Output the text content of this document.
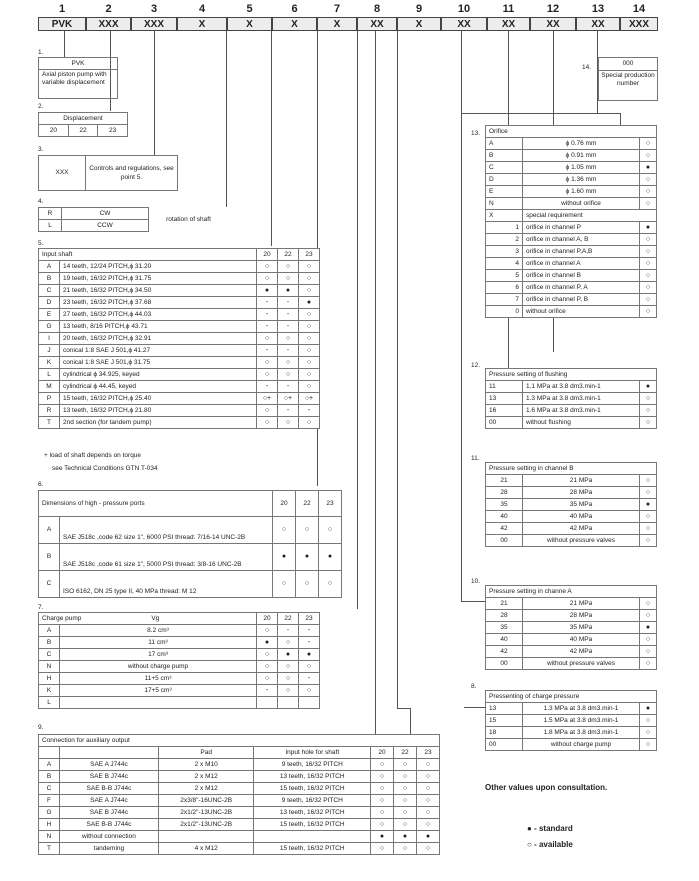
1
PVK
2
XXX
3
XXX
4
X
5
X
6
X
7
X
8
XX
9
X
10
XX
11
XX
12
XX
13
XX
14
XXX
1.
PVK
Axial piston pump with variable displacement
2.
Displacement
20	22	23
3.
XXX	Controls and regulations, see point 5.
4.
R	CW	rotation of shaft
L	CCW	
5.
Input shaft		20	22	23
A	14 teeth, 12/24 PITCH,ϕ 31.20	○	○	○
B	19 teeth, 16/32 PITCH,ϕ 31.75	○	○	○
C	21 teeth, 16/32 PITCH,ϕ 34.50	●	●	○
D	23 teeth, 16/32 PITCH,ϕ 37.68	-	-	●
E	27 teeth, 16/32 PITCH,ϕ 44.03	-	-	○
G	13 teeth, 8/16 PITCH,ϕ 43.71	-	-	○
I	20 teeth, 16/32 PITCH,ϕ 32.91	○	○	○
J	conical 1:8 SAE J 501,ϕ 41.27	-	-	○
K	conical 1:8 SAE J 501,ϕ 31.75	○	○	○
L	cylindrical ϕ 34.925, keyed	○	○	○
M	cylindrical ϕ 44.45, keyed	-	-	○
P	15 teeth, 16/32 PITCH,ϕ 25.40	○+	○+	○+
R	13 teeth, 16/32 PITCH,ϕ 21.80	○	-	-
T	2nd section (for tandem pump)	○	○	○
+ load of shaft depends on torque
see Technical Conditions GTN T-034
6.
Dimensions of high - pressure ports		20	22	23
A	SAE J518c ,code 62 size 1", 6000 PSI thread: 7/16-14 UNC-2B	○	○	○
B	SAE J518c ,code 61 size 1", 5000 PSI thread: 3/8-16 UNC-2B	●	●	●
C	ISO 6162, DN 25 type II, 40 MPa thread: M 12	○	○	○
7.
Charge pump Vg		20	22	23
A	8.2 cm³	○	-	-
B	11 cm³	●	○	-
C	17 cm³	○	●	●
N	without charge pump	○	○	○
H	11+5 cm³	○	○	-
K	17+5 cm³	-	○	○
L				
9.
Connection for auxiliary output						
		Pad	Input hole for shaft	20	22	23
A	SAE A J744c	2 x M10	9 teeth, 16/32 PITCH	○	○	○
B	SAE B J744c	2 x M12	13 teeth, 16/32 PITCH	○	○	○
C	SAE B-B J744c	2 x M12	15 teeth, 16/32 PITCH	○	○	○
F	SAE A J744c	2x3/8"-16UNC-2B	9 teeth, 16/32 PITCH	○	○	○
G	SAE B J744c	2x1/2"-13UNC-2B	13 teeth, 16/32 PITCH	○	○	○
H	SAE B-B J744c	2x1/2"-13UNC-2B	15 teeth, 16/32 PITCH	○	○	○
N	without connection			●	●	●
T	tandeming	4 x M12	15 teeth, 16/32 PITCH	○	○	○
14.
000
Special production number
13. Orifice		
A	ϕ 0.76 mm	○
B	ϕ 0.91 mm	○
C	ϕ 1.05 mm	●
D	ϕ 1.36 mm	○
E	ϕ 1.60 mm	○
N	without orifice	○
X	special requirement	
1	orifice in channel P	●
2	orifice in channel A, B	○
3	orifice in channel P,A,B	○
4	orifice in channel A	○
5	orifice in channel B	○
6	orifice in channel P, A	○
7	orifice in channel P, B	○
0	without orifice	○
12.
Pressure setting of flushing		
11	1.1 MPa at 3.8 dm3.min-1	●
13	1.3 MPa at 3.8 dm3.min-1	○
16	1.6 MPa at 3.8 dm3.min-1	○
00	without flushing	○
11.
Pressure setting in channel B		
21	21 MPa	○
28	28 MPa	○
35	35 MPa	●
40	40 MPa	○
42	42 MPa	○
00	without pressure valves	○
10.
Pressure setting in channe A		
21	21 MPa	○
28	28 MPa	○
35	35 MPa	●
40	40 MPa	○
42	42 MPa	○
00	without pressure valves	○
8.
Pressenting of charge pressure		
13	1.3 MPa at 3.8 dm3.min-1	●
15	1.5 MPa at 3.8 dm3.min-1	○
18	1.8 MPa at 3.8 dm3.min-1	○
00	without charge pump	○
Other values upon consultation.
● - standard
○ - available
